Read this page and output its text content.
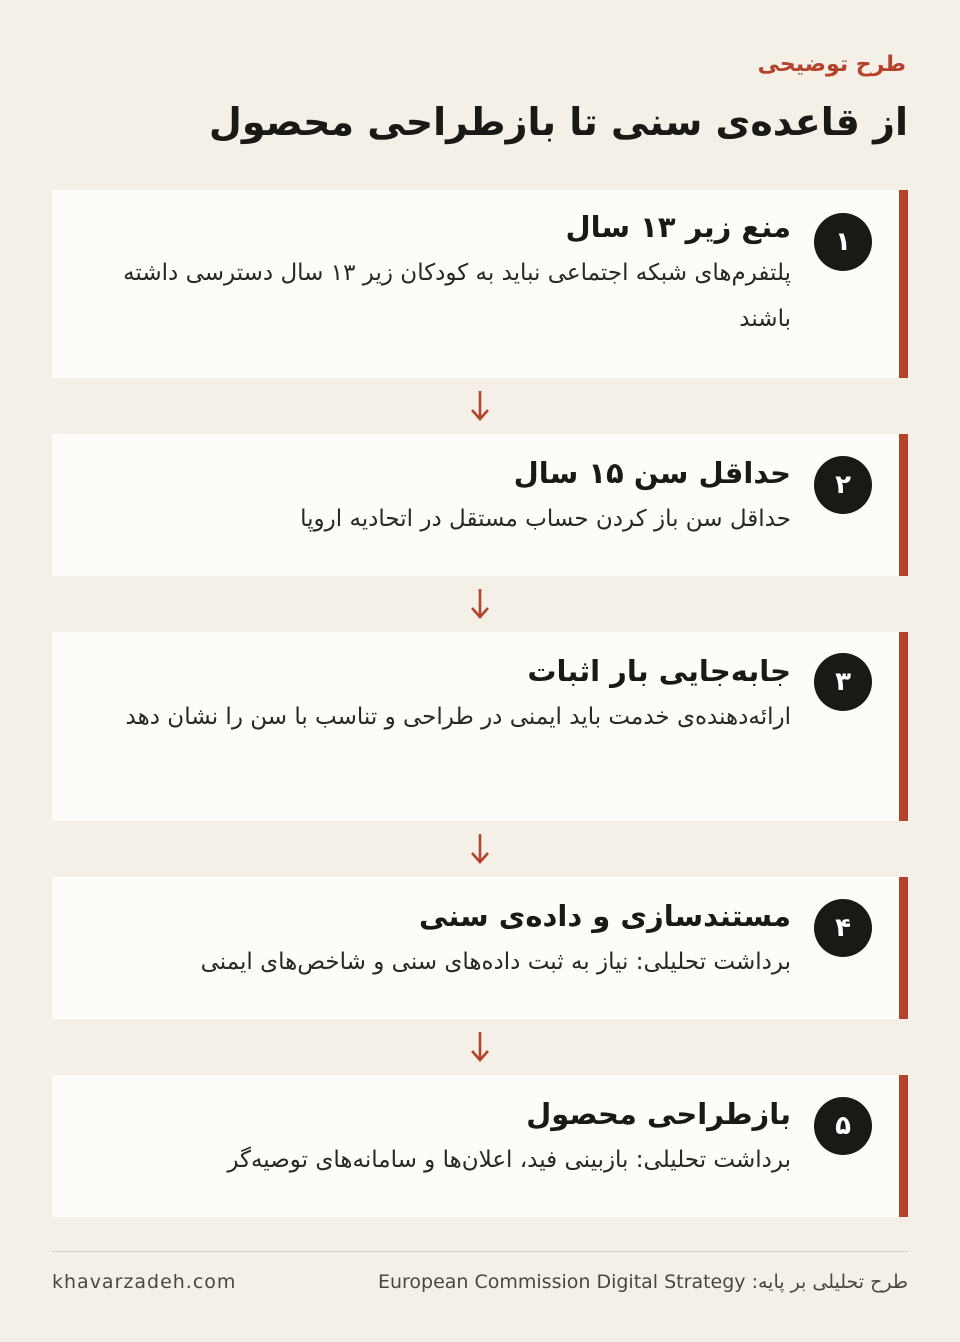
طرح توضیحی
از قاعده‌ی سنی تا بازطراحی محصول
۱
منع زیر ۱۳ سال
پلتفرم‌های شبکه اجتماعی نباید به کودکان زیر ۱۳ سال دسترسی داشته باشند
۲
حداقل سن ۱۵ سال
حداقل سن باز کردن حساب مستقل در اتحادیه اروپا
۳
جابه‌جایی بار اثبات
ارائه‌دهنده‌ی خدمت باید ایمنی در طراحی و تناسب با سن را نشان دهد
۴
مستندسازی و داده‌ی سنی
برداشت تحلیلی: نیاز به ثبت داده‌های سنی و شاخص‌های ایمنی
۵
بازطراحی محصول
برداشت تحلیلی: بازبینی فید، اعلان‌ها و سامانه‌های توصیه‌گر
طرح تحلیلی بر پایه: European Commission Digital Strategy
khavarzadeh.com
